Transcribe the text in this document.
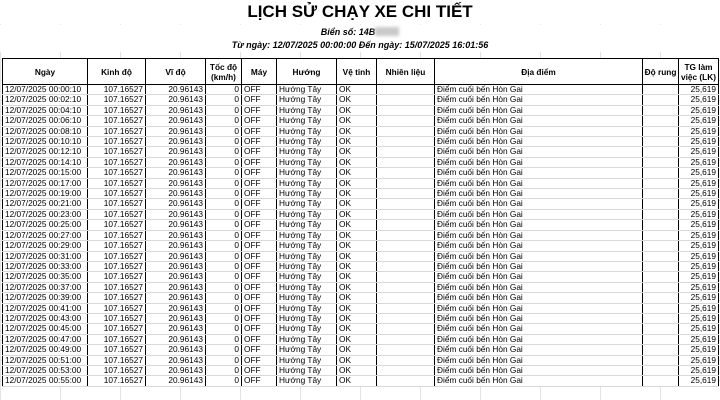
LỊCH SỬ CHẠY XE CHI TIẾT
Biển số: 14B
Từ ngày: 12/07/2025 00:00:00 Đến ngày: 15/07/2025 16:01:56
Ngày	Kinh độ	Vĩ độ	Tốc độ (km/h)	Máy	Hướng	Vệ tinh	Nhiên liệu	Địa điểm	Độ rung	TG làm việc (LK)
12/07/2025 00:00:10	107.16527	20.96143	0	OFF	Hướng Tây	OK		Điểm cuối bến Hòn Gai		25,619
12/07/2025 00:02:10	107.16527	20.96143	0	OFF	Hướng Tây	OK		Điểm cuối bến Hòn Gai		25,619
12/07/2025 00:04:10	107.16527	20.96143	0	OFF	Hướng Tây	OK		Điểm cuối bến Hòn Gai		25,619
12/07/2025 00:06:10	107.16527	20.96143	0	OFF	Hướng Tây	OK		Điểm cuối bến Hòn Gai		25,619
12/07/2025 00:08:10	107.16527	20.96143	0	OFF	Hướng Tây	OK		Điểm cuối bến Hòn Gai		25,619
12/07/2025 00:10:10	107.16527	20.96143	0	OFF	Hướng Tây	OK		Điểm cuối bến Hòn Gai		25,619
12/07/2025 00:12:10	107.16527	20.96143	0	OFF	Hướng Tây	OK		Điểm cuối bến Hòn Gai		25,619
12/07/2025 00:14:10	107.16527	20.96143	0	OFF	Hướng Tây	OK		Điểm cuối bến Hòn Gai		25,619
12/07/2025 00:15:00	107.16527	20.96143	0	OFF	Hướng Tây	OK		Điểm cuối bến Hòn Gai		25,619
12/07/2025 00:17:00	107.16527	20.96143	0	OFF	Hướng Tây	OK		Điểm cuối bến Hòn Gai		25,619
12/07/2025 00:19:00	107.16527	20.96143	0	OFF	Hướng Tây	OK		Điểm cuối bến Hòn Gai		25,619
12/07/2025 00:21:00	107.16527	20.96143	0	OFF	Hướng Tây	OK		Điểm cuối bến Hòn Gai		25,619
12/07/2025 00:23:00	107.16527	20.96143	0	OFF	Hướng Tây	OK		Điểm cuối bến Hòn Gai		25,619
12/07/2025 00:25:00	107.16527	20.96143	0	OFF	Hướng Tây	OK		Điểm cuối bến Hòn Gai		25,619
12/07/2025 00:27:00	107.16527	20.96143	0	OFF	Hướng Tây	OK		Điểm cuối bến Hòn Gai		25,619
12/07/2025 00:29:00	107.16527	20.96143	0	OFF	Hướng Tây	OK		Điểm cuối bến Hòn Gai		25,619
12/07/2025 00:31:00	107.16527	20.96143	0	OFF	Hướng Tây	OK		Điểm cuối bến Hòn Gai		25,619
12/07/2025 00:33:00	107.16527	20.96143	0	OFF	Hướng Tây	OK		Điểm cuối bến Hòn Gai		25,619
12/07/2025 00:35:00	107.16527	20.96143	0	OFF	Hướng Tây	OK		Điểm cuối bến Hòn Gai		25,619
12/07/2025 00:37:00	107.16527	20.96143	0	OFF	Hướng Tây	OK		Điểm cuối bến Hòn Gai		25,619
12/07/2025 00:39:00	107.16527	20.96143	0	OFF	Hướng Tây	OK		Điểm cuối bến Hòn Gai		25,619
12/07/2025 00:41:00	107.16527	20.96143	0	OFF	Hướng Tây	OK		Điểm cuối bến Hòn Gai		25,619
12/07/2025 00:43:00	107.16527	20.96143	0	OFF	Hướng Tây	OK		Điểm cuối bến Hòn Gai		25,619
12/07/2025 00:45:00	107.16527	20.96143	0	OFF	Hướng Tây	OK		Điểm cuối bến Hòn Gai		25,619
12/07/2025 00:47:00	107.16527	20.96143	0	OFF	Hướng Tây	OK		Điểm cuối bến Hòn Gai		25,619
12/07/2025 00:49:00	107.16527	20.96143	0	OFF	Hướng Tây	OK		Điểm cuối bến Hòn Gai		25,619
12/07/2025 00:51:00	107.16527	20.96143	0	OFF	Hướng Tây	OK		Điểm cuối bến Hòn Gai		25,619
12/07/2025 00:53:00	107.16527	20.96143	0	OFF	Hướng Tây	OK		Điểm cuối bến Hòn Gai		25,619
12/07/2025 00:55:00	107.16527	20.96143	0	OFF	Hướng Tây	OK		Điểm cuối bến Hòn Gai		25,619
